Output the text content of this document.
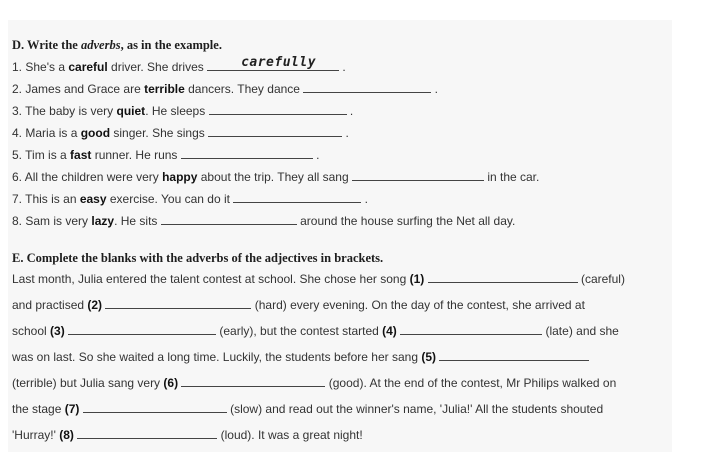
D. Write the adverbs, as in the example.
1. She's a careful driver. She drives	carefully .
2. James and Grace are terrible dancers. They dance	.
3. The baby is very quiet. He sleeps	.
4. Maria is a good singer. She sings	.
5. Tim is a fast runner. He runs	.
6. All the children were very happy about the trip. They all sang	in the car.
7. This is an easy exercise. You can do it	.
8. Sam is very lazy. He sits	around the house surfing the Net all day.
E. Complete the blanks with the adverbs of the adjectives in brackets.
Last month, Julia entered the talent contest at school. She chose her song (1)	(careful)
and practised (2)	(hard) every evening. On the day of the contest, she arrived at
school (3)	(early), but the contest started (4)	(late) and she
was on last. So she waited a long time. Luckily, the students before her sang (5)
(terrible) but Julia sang very (6)	(good). At the end of the contest, Mr Philips walked on
the stage (7)	(slow) and read out the winner's name, 'Julia!' All the students shouted
'Hurray!' (8)	(loud). It was a great night!
